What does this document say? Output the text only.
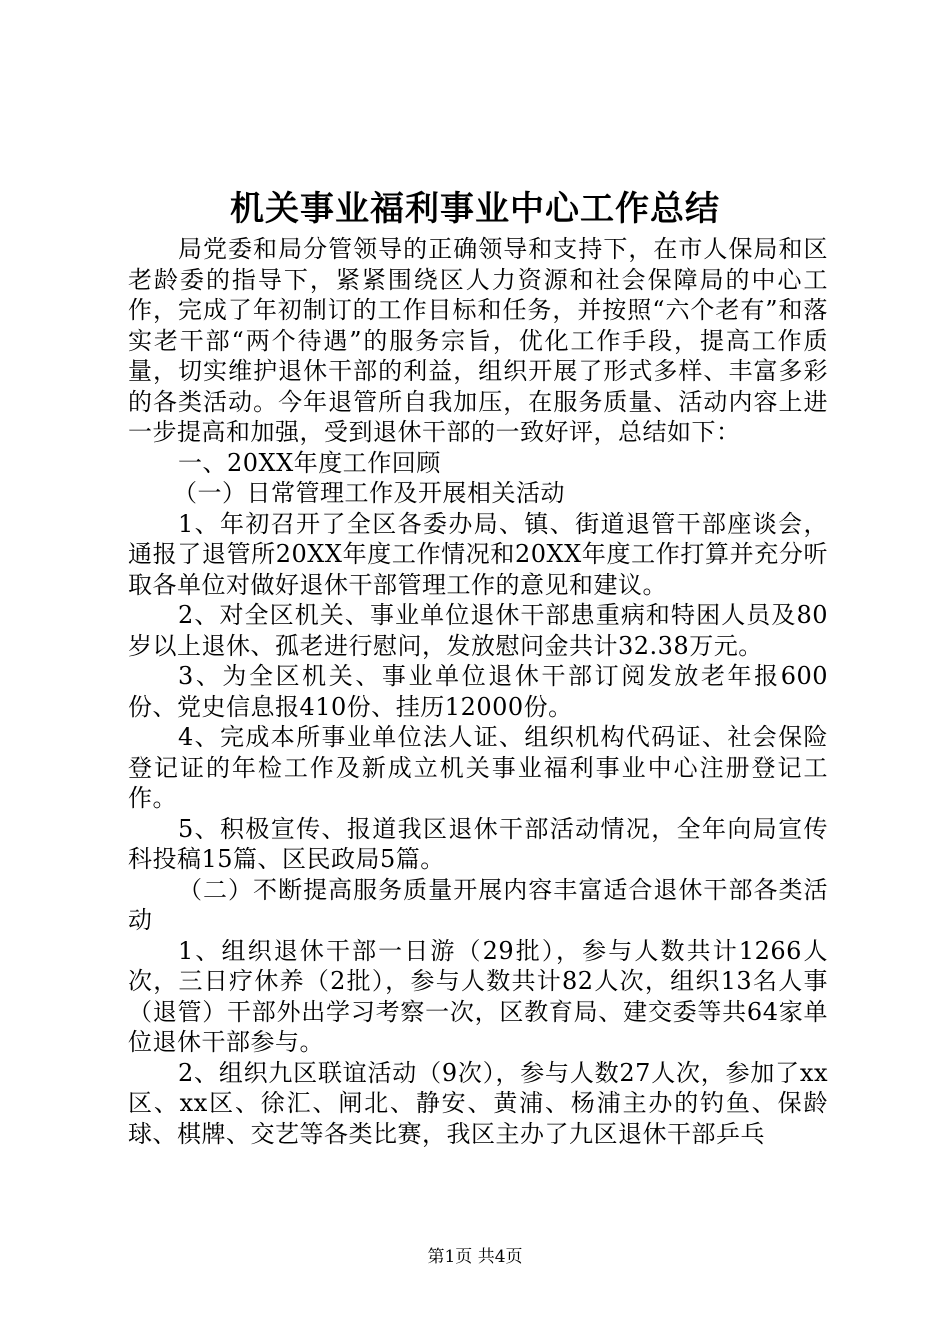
机关事业福利事业中心工作总结

局党委和局分管领导的正确领导和支持下，在市人保局和区老龄委的指导下，紧紧围绕区人力资源和社会保障局的中心工作，完成了年初制订的工作目标和任务，并按照“六个老有”和落实老干部“两个待遇”的服务宗旨，优化工作手段，提高工作质量，切实维护退休干部的利益，组织开展了形式多样、丰富多彩的各类活动。今年退管所自我加压，在服务质量、活动内容上进一步提高和加强，受到退休干部的一致好评，总结如下：

一、20XX年度工作回顾

（一）日常管理工作及开展相关活动

1、年初召开了全区各委办局、镇、街道退管干部座谈会，通报了退管所20XX年度工作情况和20XX年度工作打算并充分听取各单位对做好退休干部管理工作的意见和建议。

2、对全区机关、事业单位退休干部患重病和特困人员及80岁以上退休、孤老进行慰问，发放慰问金共计32.38万元。

3、为全区机关、事业单位退休干部订阅发放老年报600份、党史信息报410份、挂历12000份。

4、完成本所事业单位法人证、组织机构代码证、社会保险登记证的年检工作及新成立机关事业福利事业中心注册登记工作。

5、积极宣传、报道我区退休干部活动情况，全年向局宣传科投稿15篇、区民政局5篇。

（二）不断提高服务质量开展内容丰富适合退休干部各类活动

1、组织退休干部一日游（29批），参与人数共计1266人次，三日疗休养（2批），参与人数共计82人次，组织13名人事（退管）干部外出学习考察一次，区教育局、建交委等共64家单位退休干部参与。

2、组织九区联谊活动（9次），参与人数27人次，参加了xx区、xx区、徐汇、闸北、静安、黄浦、杨浦主办的钓鱼、保龄球、棋牌、交艺等各类比赛，我区主办了九区退休干部乒乓

第1页 共4页
